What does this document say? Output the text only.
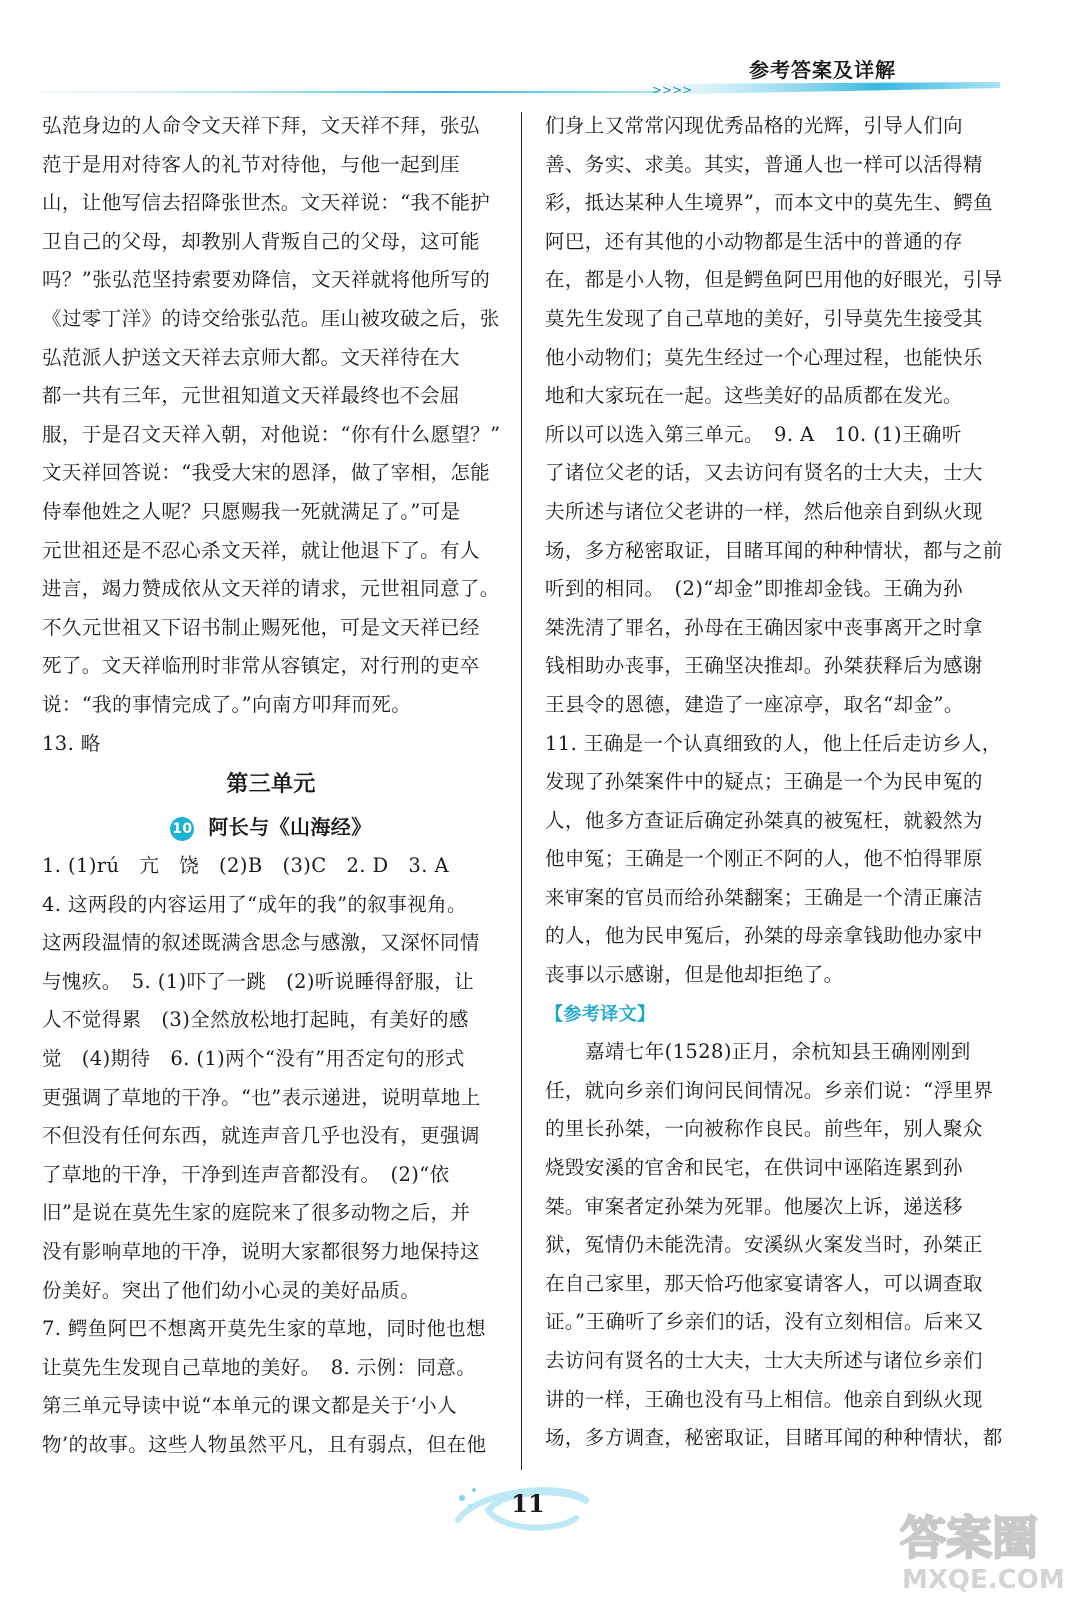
参考答案及详解
>>>>
弘范身边的人命令文天祥下拜，文天祥不拜，张弘
范于是用对待客人的礼节对待他，与他一起到厓
山，让他写信去招降张世杰。文天祥说：“我不能护
卫自己的父母，却教别人背叛自己的父母，这可能
吗？”张弘范坚持索要劝降信，文天祥就将他所写的
《过零丁洋》的诗交给张弘范。厓山被攻破之后，张
弘范派人护送文天祥去京师大都。文天祥待在大
都一共有三年，元世祖知道文天祥最终也不会屈
服，于是召文天祥入朝，对他说：“你有什么愿望？”
文天祥回答说：“我受大宋的恩泽，做了宰相，怎能
侍奉他姓之人呢？只愿赐我一死就满足了。”可是
元世祖还是不忍心杀文天祥，就让他退下了。有人
进言，竭力赞成依从文天祥的请求，元世祖同意了。
不久元世祖又下诏书制止赐死他，可是文天祥已经
死了。文天祥临刑时非常从容镇定，对行刑的吏卒
说：“我的事情完成了。”向南方叩拜而死。
13. 略
第三单元
10 阿长与《山海经》
1. (1)rú　亢　饶　(2)B　(3)C　2. D　3. A
4. 这两段的内容运用了“成年的我”的叙事视角。
这两段温情的叙述既满含思念与感激，又深怀同情
与愧疚。　5. (1)吓了一跳　(2)听说睡得舒服，让
人不觉得累　(3)全然放松地打起盹，有美好的感
觉　(4)期待　6. (1)两个“没有”用否定句的形式
更强调了草地的干净。“也”表示递进，说明草地上
不但没有任何东西，就连声音几乎也没有，更强调
了草地的干净，干净到连声音都没有。　(2)“依
旧”是说在莫先生家的庭院来了很多动物之后，并
没有影响草地的干净，说明大家都很努力地保持这
份美好。突出了他们幼小心灵的美好品质。
7. 鳄鱼阿巴不想离开莫先生家的草地，同时他也想
让莫先生发现自己草地的美好。　8. 示例：同意。
第三单元导读中说“本单元的课文都是关于‘小人
物’的故事。这些人物虽然平凡，且有弱点，但在他
们身上又常常闪现优秀品格的光辉，引导人们向
善、务实、求美。其实，普通人也一样可以活得精
彩，抵达某种人生境界”，而本文中的莫先生、鳄鱼
阿巴，还有其他的小动物都是生活中的普通的存
在，都是小人物，但是鳄鱼阿巴用他的好眼光，引导
莫先生发现了自己草地的美好，引导莫先生接受其
他小动物们；莫先生经过一个心理过程，也能快乐
地和大家玩在一起。这些美好的品质都在发光。
所以可以选入第三单元。　9. A　10. (1)王确听
了诸位父老的话，又去访问有贤名的士大夫，士大
夫所述与诸位父老讲的一样，然后他亲自到纵火现
场，多方秘密取证，目睹耳闻的种种情状，都与之前
听到的相同。　(2)“却金”即推却金钱。王确为孙
桀洗清了罪名，孙母在王确因家中丧事离开之时拿
钱相助办丧事，王确坚决推却。孙桀获释后为感谢
王县令的恩德，建造了一座凉亭，取名“却金”。
11. 王确是一个认真细致的人，他上任后走访乡人，
发现了孙桀案件中的疑点；王确是一个为民申冤的
人，他多方查证后确定孙桀真的被冤枉，就毅然为
他申冤；王确是一个刚正不阿的人，他不怕得罪原
来审案的官员而给孙桀翻案；王确是一个清正廉洁
的人，他为民申冤后，孙桀的母亲拿钱助他办家中
丧事以示感谢，但是他却拒绝了。
【参考译文】
嘉靖七年(1528)正月，余杭知县王确刚刚到
任，就向乡亲们询问民间情况。乡亲们说：“浮里界
的里长孙桀，一向被称作良民。前些年，别人聚众
烧毁安溪的官舍和民宅，在供词中诬陷连累到孙
桀。审案者定孙桀为死罪。他屡次上诉，递送移
狱，冤情仍未能洗清。安溪纵火案发当时，孙桀正
在自己家里，那天恰巧他家宴请客人，可以调查取
证。”王确听了乡亲们的话，没有立刻相信。后来又
去访问有贤名的士大夫，士大夫所述与诸位乡亲们
讲的一样，王确也没有马上相信。他亲自到纵火现
场，多方调查，秘密取证，目睹耳闻的种种情状，都
11
答案圈
MXQE.COM
